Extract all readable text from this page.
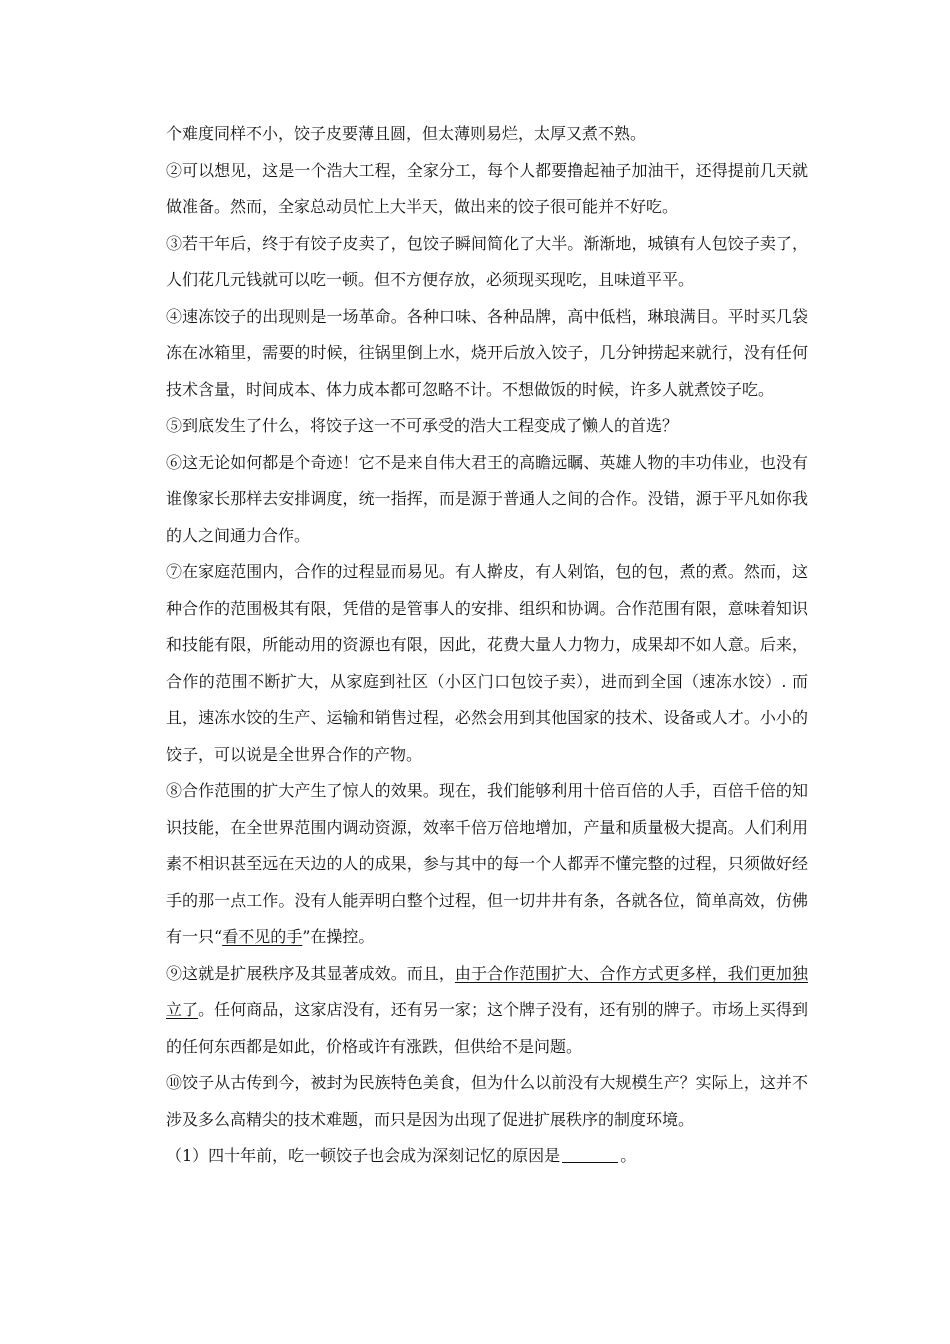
个难度同样不小，饺子皮要薄且圆，但太薄则易烂，太厚又煮不熟。

②可以想见，这是一个浩大工程，全家分工，每个人都要撸起袖子加油干，还得提前几天就做准备。然而，全家总动员忙上大半天，做出来的饺子很可能并不好吃。

③若干年后，终于有饺子皮卖了，包饺子瞬间简化了大半。渐渐地，城镇有人包饺子卖了，人们花几元钱就可以吃一顿。但不方便存放，必须现买现吃，且味道平平。

④速冻饺子的出现则是一场革命。各种口味、各种品牌，高中低档，琳琅满目。平时买几袋冻在冰箱里，需要的时候，往锅里倒上水，烧开后放入饺子，几分钟捞起来就行，没有任何技术含量，时间成本、体力成本都可忽略不计。不想做饭的时候，许多人就煮饺子吃。

⑤到底发生了什么，将饺子这一不可承受的浩大工程变成了懒人的首选？

⑥这无论如何都是个奇迹！它不是来自伟大君王的高瞻远瞩、英雄人物的丰功伟业，也没有谁像家长那样去安排调度，统一指挥，而是源于普通人之间的合作。没错，源于平凡如你我的人之间通力合作。

⑦在家庭范围内，合作的过程显而易见。有人擀皮，有人剁馅，包的包，煮的煮。然而，这种合作的范围极其有限，凭借的是管事人的安排、组织和协调。合作范围有限，意味着知识和技能有限，所能动用的资源也有限，因此，花费大量人力物力，成果却不如人意。后来，合作的范围不断扩大，从家庭到社区（小区门口包饺子卖），进而到全国（速冻水饺）. 而且，速冻水饺的生产、运输和销售过程，必然会用到其他国家的技术、设备或人才。小小的饺子，可以说是全世界合作的产物。

⑧合作范围的扩大产生了惊人的效果。现在，我们能够利用十倍百倍的人手，百倍千倍的知识技能，在全世界范围内调动资源，效率千倍万倍地增加，产量和质量极大提高。人们利用素不相识甚至远在天边的人的成果，参与其中的每一个人都弄不懂完整的过程，只须做好经手的那一点工作。没有人能弄明白整个过程，但一切井井有条，各就各位，简单高效，仿佛有一只“看不见的手”在操控。

⑨这就是扩展秩序及其显著成效。而且，由于合作范围扩大、合作方式更多样，我们更加独立了。任何商品，这家店没有，还有另一家；这个牌子没有，还有别的牌子。市场上买得到的任何东西都是如此，价格或许有涨跌，但供给不是问题。

⑩饺子从古传到今，被封为民族特色美食，但为什么以前没有大规模生产？实际上，这并不涉及多么高精尖的技术难题，而只是因为出现了促进扩展秩序的制度环境。

（1）四十年前，吃一顿饺子也会成为深刻记忆的原因是	。
